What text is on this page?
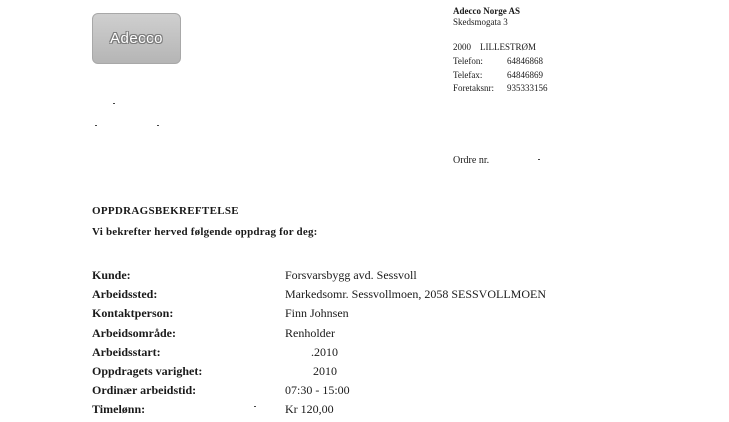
Adecco
Adecco Norge AS
Skedsmogata 3
2000 LILLESTRØM
Telefon:	64846868
Telefax:	64846869
Foretaksnr:	935333156
Ordre nr.
OPPDRAGSBEKREFTELSE
Vi bekrefter herved følgende oppdrag for deg:
Kunde:	Forsvarsbygg avd. Sessvoll
Arbeidssted:	Markedsomr. Sessvollmoen, 2058 SESSVOLLMOEN
Kontaktperson:	Finn Johnsen
Arbeidsområde:	Renholder
Arbeidsstart:	.2010
Oppdragets varighet:	2010
Ordinær arbeidstid:	07:30 - 15:00
Timelønn:	Kr 120,00
